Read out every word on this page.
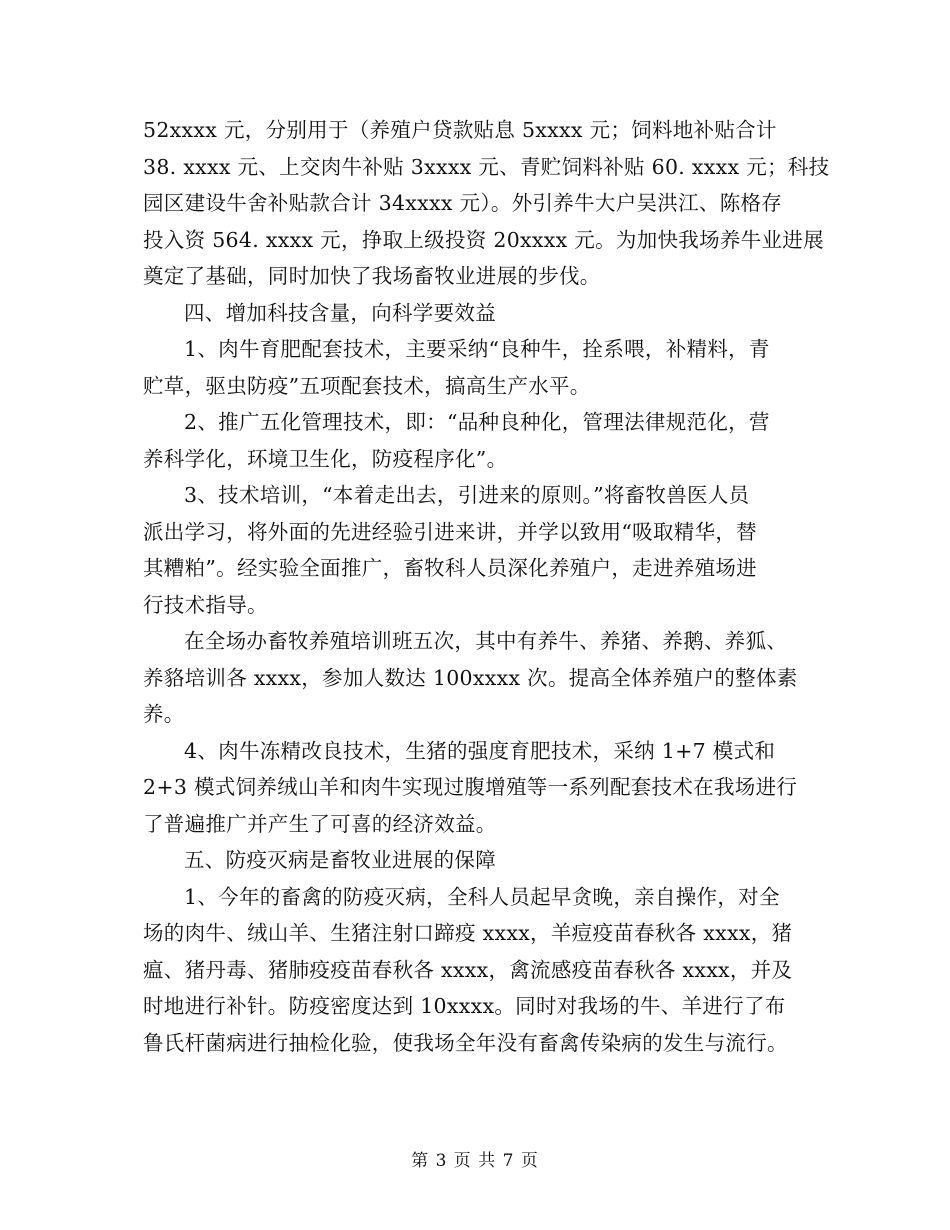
52xxxx 元，分别用于（养殖户贷款贴息 5xxxx 元；饲料地补贴合计
38. xxxx 元、上交肉牛补贴 3xxxx 元、青贮饲料补贴 60. xxxx 元；科技
园区建设牛舍补贴款合计 34xxxx 元）。外引养牛大户吴洪江、陈格存
投入资 564. xxxx 元，挣取上级投资 20xxxx 元。为加快我场养牛业进展
奠定了基础，同时加快了我场畜牧业进展的步伐。
四、增加科技含量，向科学要效益
1、肉牛育肥配套技术，主要采纳“良种牛，拴系喂，补精料，青
贮草，驱虫防疫”五项配套技术，搞高生产水平。
2、推广五化管理技术，即：“品种良种化，管理法律规范化，营
养科学化，环境卫生化，防疫程序化”。
3、技术培训，“本着走出去，引进来的原则。”将畜牧兽医人员
派出学习，将外面的先进经验引进来讲，并学以致用“吸取精华，替
其糟粕”。经实验全面推广，畜牧科人员深化养殖户，走进养殖场进
行技术指导。
在全场办畜牧养殖培训班五次，其中有养牛、养猪、养鹅、养狐、
养貉培训各 xxxx，参加人数达 100xxxx 次。提高全体养殖户的整体素
养。
4、肉牛冻精改良技术，生猪的强度育肥技术，采纳 1+7 模式和
2+3 模式饲养绒山羊和肉牛实现过腹增殖等一系列配套技术在我场进行
了普遍推广并产生了可喜的经济效益。
五、防疫灭病是畜牧业进展的保障
1、今年的畜禽的防疫灭病，全科人员起早贪晚，亲自操作，对全
场的肉牛、绒山羊、生猪注射口蹄疫 xxxx，羊痘疫苗春秋各 xxxx，猪
瘟、猪丹毒、猪肺疫疫苗春秋各 xxxx，禽流感疫苗春秋各 xxxx，并及
时地进行补针。防疫密度达到 10xxxx。同时对我场的牛、羊进行了布
鲁氏杆菌病进行抽检化验，使我场全年没有畜禽传染病的发生与流行。
第 3 页 共 7 页
